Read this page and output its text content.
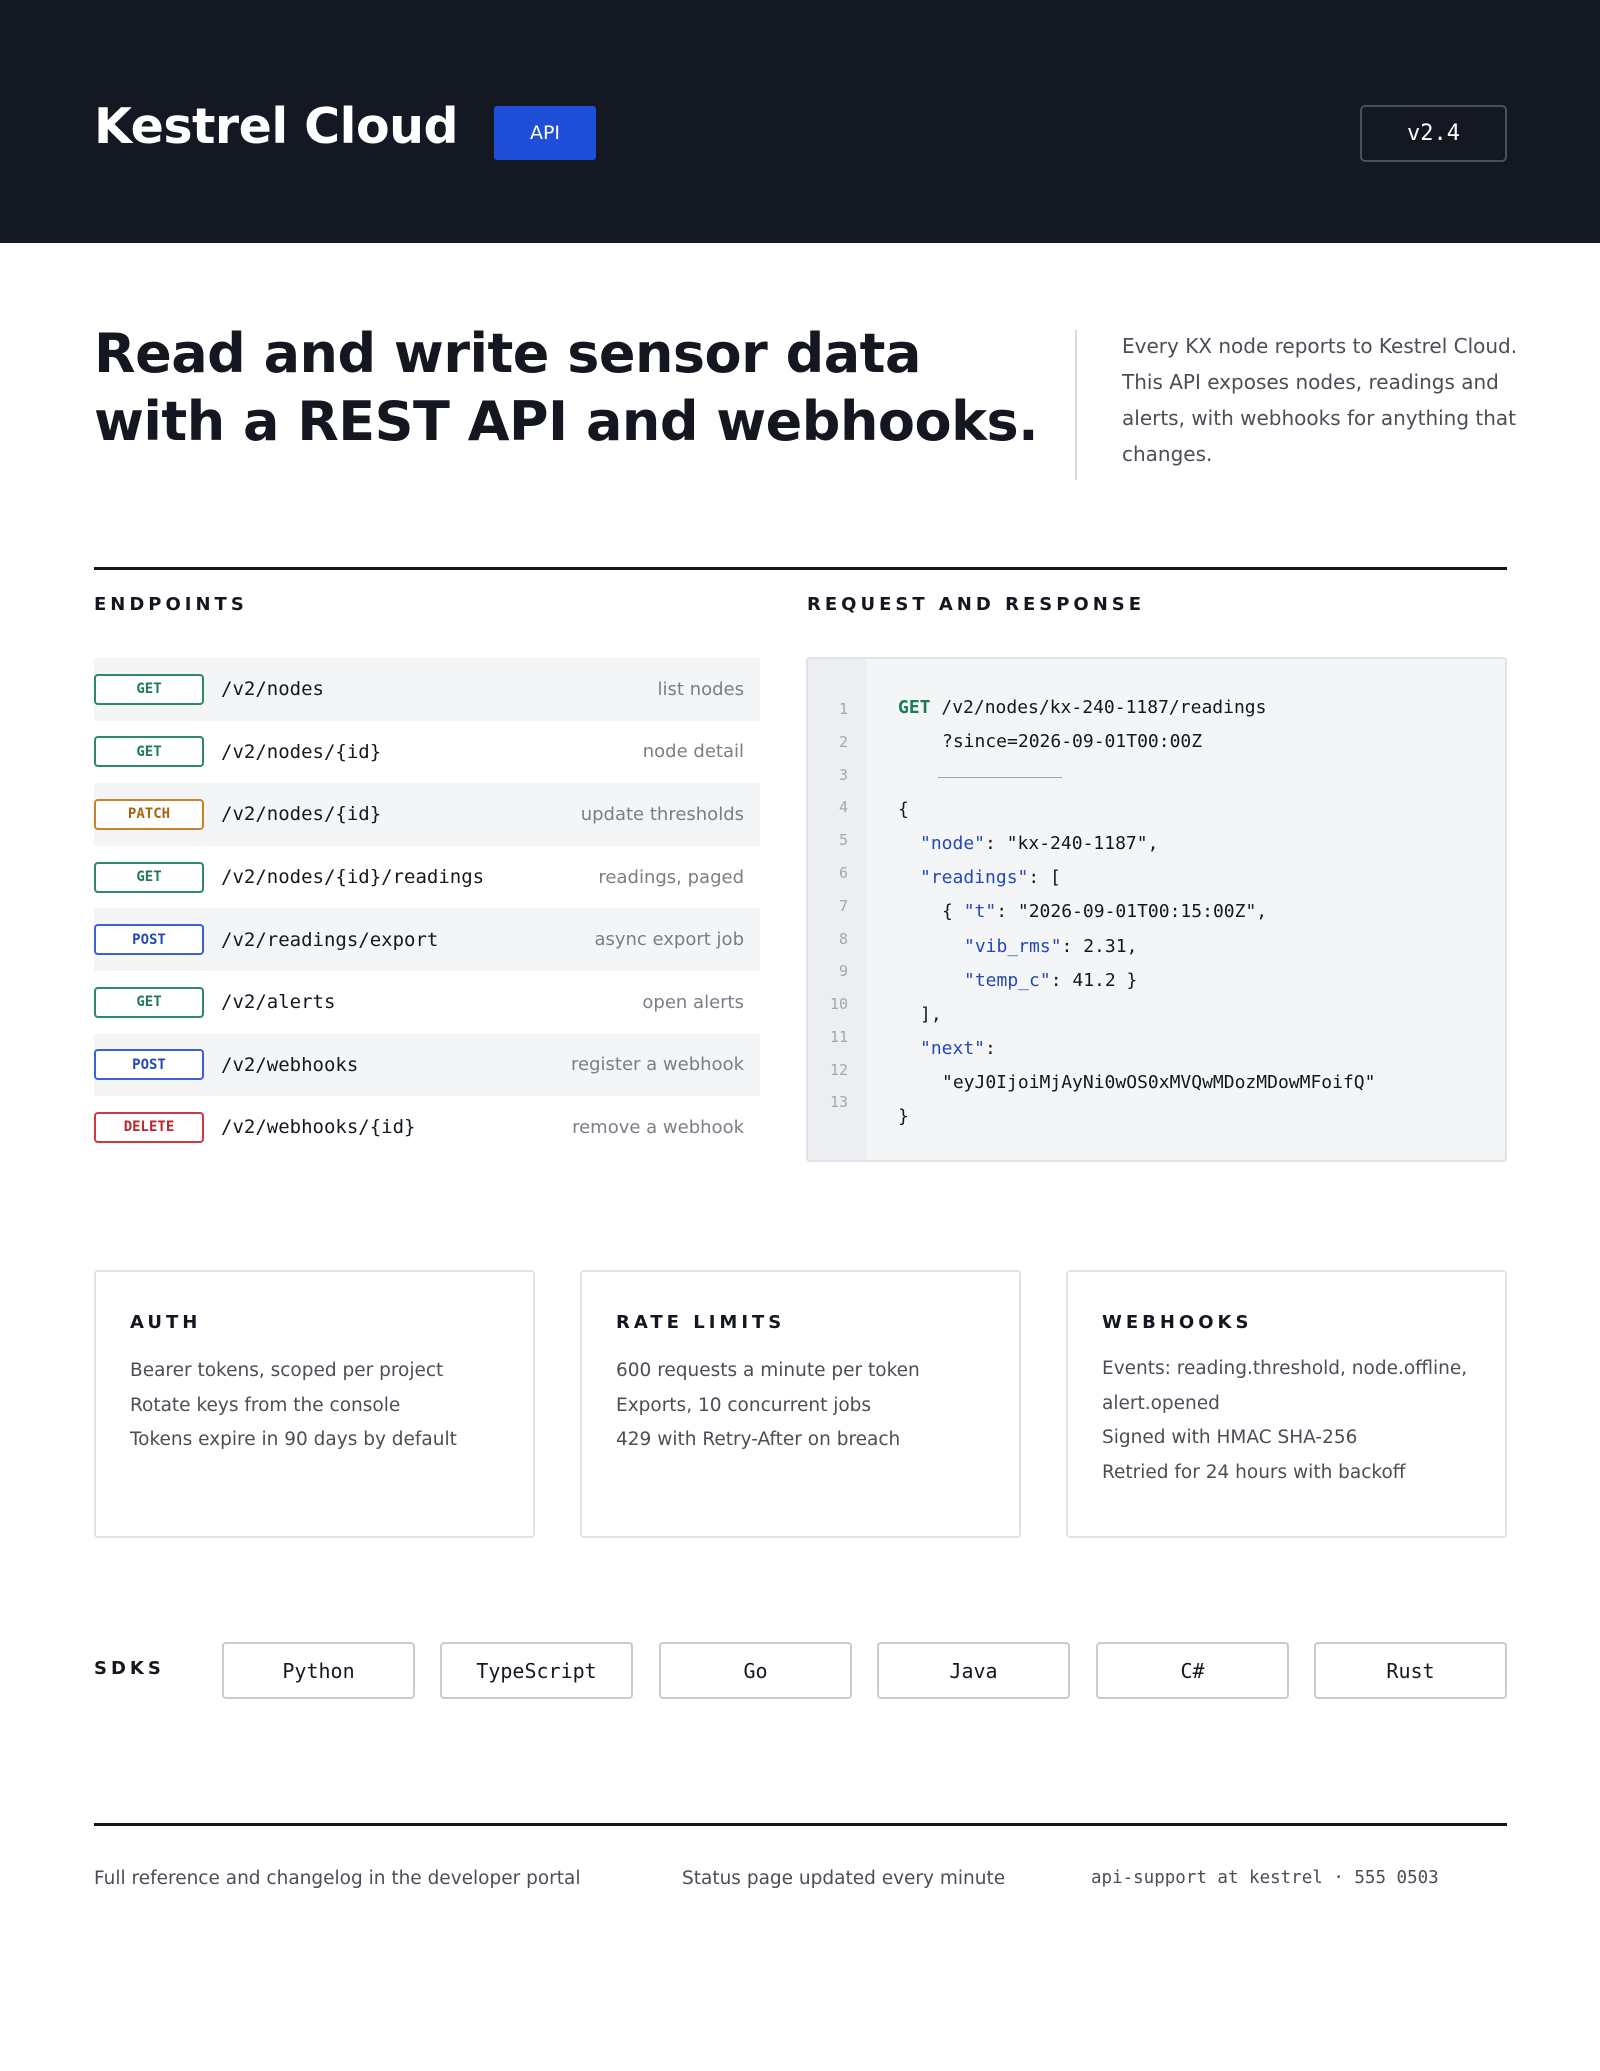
Kestrel Cloud	API	v2.4
Read and write sensor data with a REST API and webhooks.
Every KX node reports to Kestrel Cloud. This API exposes nodes, readings and alerts, with webhooks for anything that changes.
ENDPOINTS
GET	/v2/nodes	list nodes
GET	/v2/nodes/{id}	node detail
PATCH	/v2/nodes/{id}	update thresholds
GET	/v2/nodes/{id}/readings	readings, paged
POST	/v2/readings/export	async export job
GET	/v2/alerts	open alerts
POST	/v2/webhooks	register a webhook
DELETE	/v2/webhooks/{id}	remove a webhook
REQUEST AND RESPONSE
1
2
3
4
5
6
7
8
9
10
11
12
13
GET /v2/nodes/kx-240-1187/readings
?since=2026-09-01T00:00Z
{
"node": "kx-240-1187",
"readings": [
{ "t": "2026-09-01T00:15:00Z",
"vib_rms": 2.31,
"temp_c": 41.2 }
],
"next":
"eyJ0IjoiMjAyNi0wOS0xMVQwMDozMDowMFoifQ"
}
AUTH
Bearer tokens, scoped per project
Rotate keys from the console
Tokens expire in 90 days by default
RATE LIMITS
600 requests a minute per token
Exports, 10 concurrent jobs
429 with Retry-After on breach
WEBHOOKS
Events: reading.threshold, node.offline,
alert.opened
Signed with HMAC SHA-256
Retried for 24 hours with backoff
SDKS	Python	TypeScript	Go	Java	C#	Rust
Full reference and changelog in the developer portal	Status page updated every minute	api-support at kestrel · 555 0503
